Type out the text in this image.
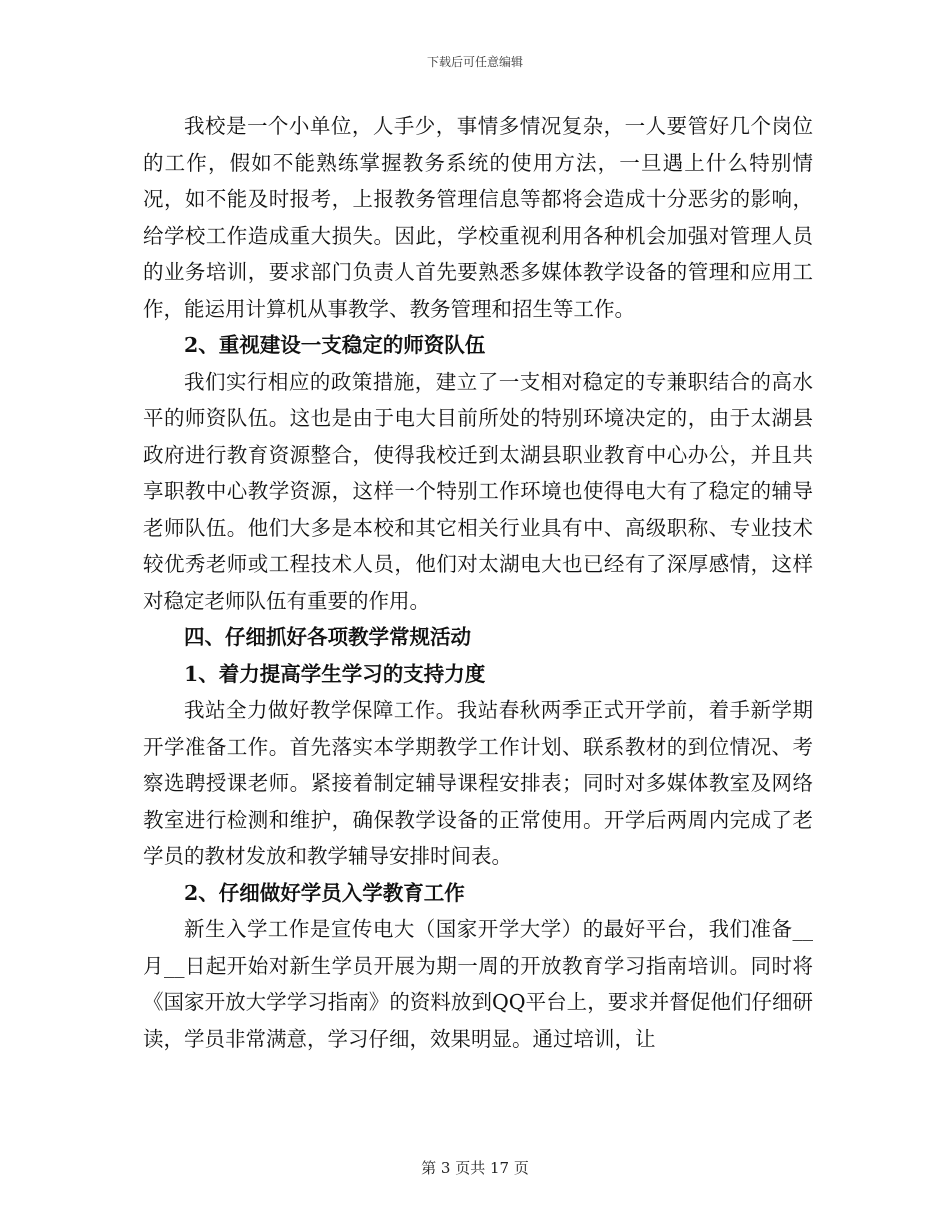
下载后可任意编辑

我校是一个小单位，人手少，事情多情况复杂，一人要管好几个岗位的工作，假如不能熟练掌握教务系统的使用方法，一旦遇上什么特别情况，如不能及时报考，上报教务管理信息等都将会造成十分恶劣的影响，给学校工作造成重大损失。因此，学校重视利用各种机会加强对管理人员的业务培训，要求部门负责人首先要熟悉多媒体教学设备的管理和应用工作，能运用计算机从事教学、教务管理和招生等工作。

2、重视建设一支稳定的师资队伍

我们实行相应的政策措施，建立了一支相对稳定的专兼职结合的高水平的师资队伍。这也是由于电大目前所处的特别环境决定的，由于太湖县政府进行教育资源整合，使得我校迁到太湖县职业教育中心办公，并且共享职教中心教学资源，这样一个特别工作环境也使得电大有了稳定的辅导老师队伍。他们大多是本校和其它相关行业具有中、高级职称、专业技术较优秀老师或工程技术人员，他们对太湖电大也已经有了深厚感情，这样对稳定老师队伍有重要的作用。

四、仔细抓好各项教学常规活动

1、着力提高学生学习的支持力度

我站全力做好教学保障工作。我站春秋两季正式开学前，着手新学期开学准备工作。首先落实本学期教学工作计划、联系教材的到位情况、考察选聘授课老师。紧接着制定辅导课程安排表；同时对多媒体教室及网络教室进行检测和维护，确保教学设备的正常使用。开学后两周内完成了老学员的教材发放和教学辅导安排时间表。

2、仔细做好学员入学教育工作

新生入学工作是宣传电大（国家开学大学）的最好平台，我们准备__月__日起开始对新生学员开展为期一周的开放教育学习指南培训。同时将《国家开放大学学习指南》的资料放到QQ平台上，要求并督促他们仔细研读，学员非常满意，学习仔细，效果明显。通过培训，让

第 3 页共 17 页
